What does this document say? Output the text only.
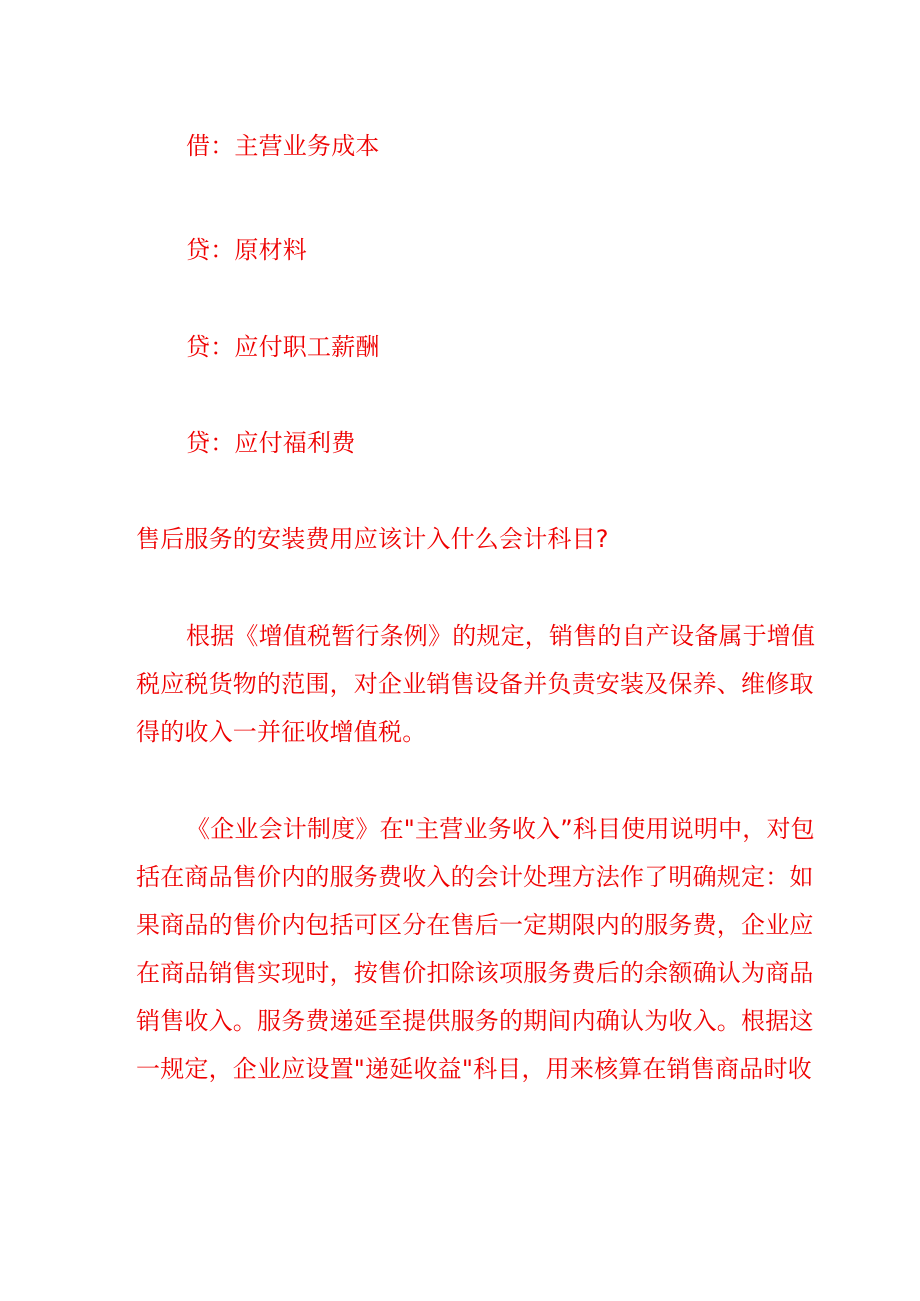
借：主营业务成本

贷：原材料

贷：应付职工薪酬

贷：应付福利费

售后服务的安装费用应该计入什么会计科目?

根据《增值税暂行条例》的规定，销售的自产设备属于增值

税应税货物的范围，对企业销售设备并负责安装及保养、维修取

得的收入一并征收增值税。

《企业会计制度》在"主营业务收入”科目使用说明中，对包

括在商品售价内的服务费收入的会计处理方法作了明确规定：如

果商品的售价内包括可区分在售后一定期限内的服务费，企业应

在商品销售实现时，按售价扣除该项服务费后的余额确认为商品

销售收入。服务费递延至提供服务的期间内确认为收入。根据这

一规定，企业应设置"递延收益"科目，用来核算在销售商品时收
